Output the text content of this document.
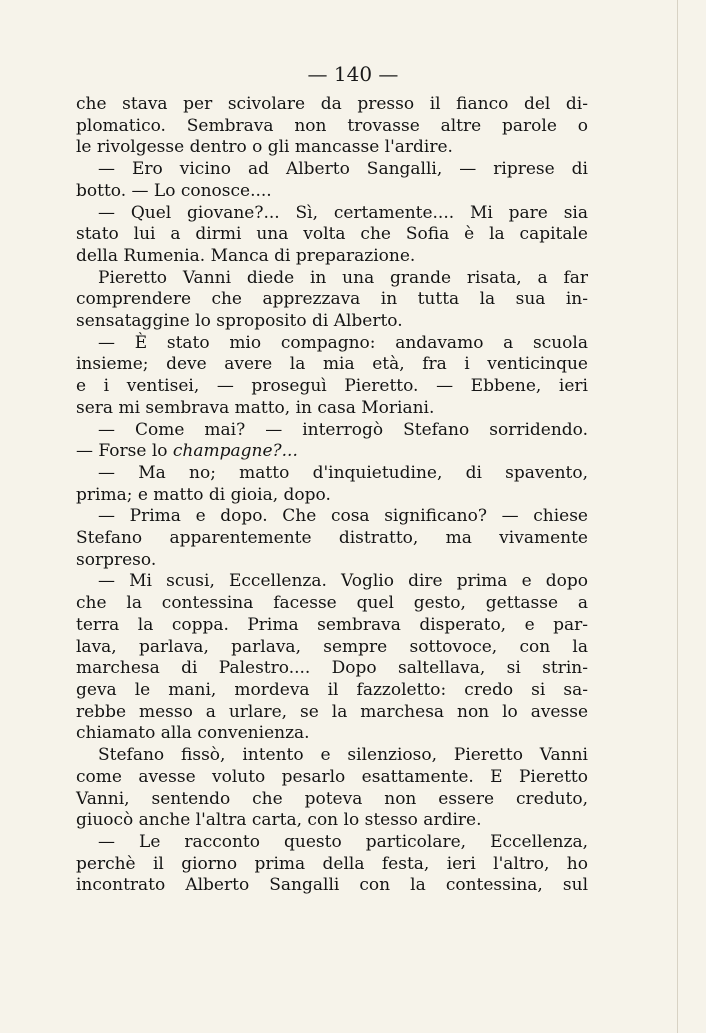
— 140 —
che stava per scivolare da presso il fianco del di-
plomatico. Sembrava non trovasse altre parole o
le rivolgesse dentro o gli mancasse l'ardire.
— Ero vicino ad Alberto Sangalli, — riprese di
botto. — Lo conosce....
— Quel giovane?... Sì, certamente.... Mi pare sia
stato lui a dirmi una volta che Sofia è la capitale
della Rumenia. Manca di preparazione.
Pieretto Vanni diede in una grande risata, a far
comprendere che apprezzava in tutta la sua in-
sensataggine lo sproposito di Alberto.
— È stato mio compagno: andavamo a scuola
insieme; deve avere la mia età, fra i venticinque
e i ventisei, — proseguì Pieretto. — Ebbene, ieri
sera mi sembrava matto, in casa Moriani.
— Come mai? — interrogò Stefano sorridendo.
— Forse lo champagne?...
— Ma no; matto d'inquietudine, di spavento,
prima; e matto di gioia, dopo.
— Prima e dopo. Che cosa significano? — chiese
Stefano apparentemente distratto, ma vivamente
sorpreso.
— Mi scusi, Eccellenza. Voglio dire prima e dopo
che la contessina facesse quel gesto, gettasse a
terra la coppa. Prima sembrava disperato, e par-
lava, parlava, parlava, sempre sottovoce, con la
marchesa di Palestro.... Dopo saltellava, si strin-
geva le mani, mordeva il fazzoletto: credo si sa-
rebbe messo a urlare, se la marchesa non lo avesse
chiamato alla convenienza.
Stefano fissò, intento e silenzioso, Pieretto Vanni
come avesse voluto pesarlo esattamente. E Pieretto
Vanni, sentendo che poteva non essere creduto,
giuocò anche l'altra carta, con lo stesso ardire.
— Le racconto questo particolare, Eccellenza,
perchè il giorno prima della festa, ieri l'altro, ho
incontrato Alberto Sangalli con la contessina, sul
